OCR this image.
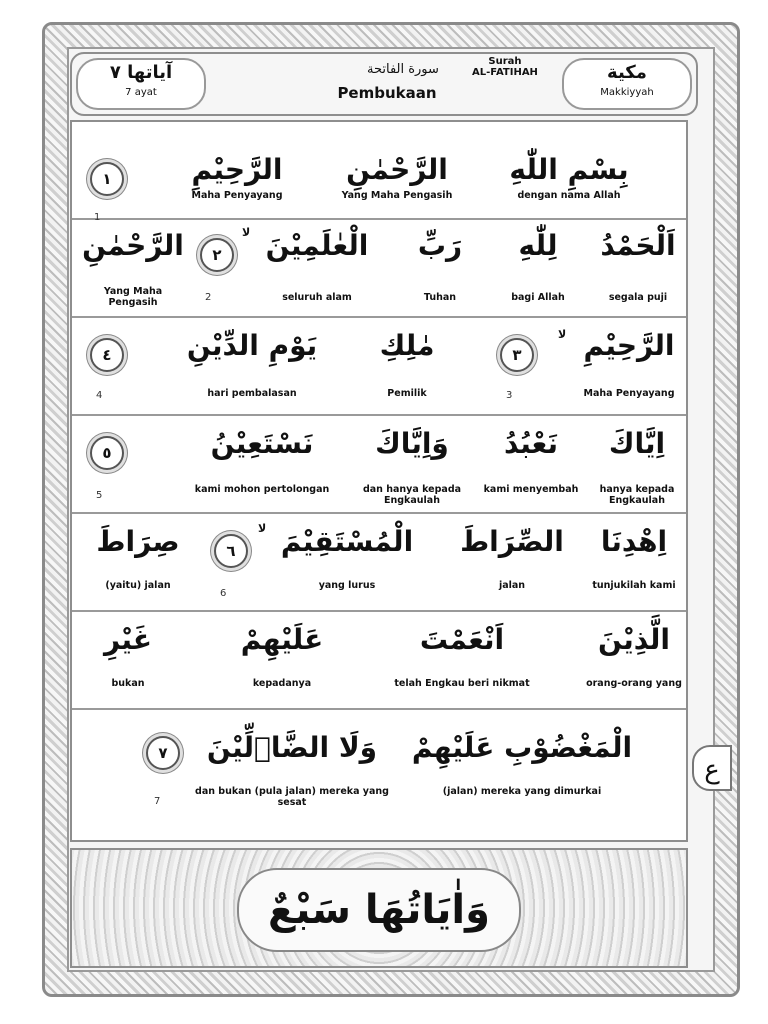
آياتها ٧
7 ayat
سورة الفاتحة
Surah
AL-FATIHAH
Pembukaan
مكية
Makkiyyah
بِسْمِ اللّٰهِ
dengan nama Allah
الرَّحْمٰنِ
Yang Maha Pengasih
الرَّحِيْمِ
Maha Penyayang
١
1
اَلْحَمْدُ
segala puji
لِلّٰهِ
bagi Allah
رَبِّ
Tuhan
الْعٰلَمِيْنَ
seluruh alam
لا
٢
2
الرَّحْمٰنِ
Yang Maha Pengasih
الرَّحِيْمِ
Maha Penyayang
لا
٣
3
مٰلِكِ
Pemilik
يَوْمِ الدِّيْنِ
hari pembalasan
٤
4
اِيَّاكَ
hanya kepada Engkaulah
نَعْبُدُ
kami menyembah
وَاِيَّاكَ
dan hanya kepada Engkaulah
نَسْتَعِيْنُ
kami mohon pertolongan
٥
5
اِهْدِنَا
tunjukilah kami
الصِّرَاطَ
jalan
الْمُسْتَقِيْمَ
yang lurus
لا
٦
6
صِرَاطَ
(yaitu) jalan
الَّذِيْنَ
orang-orang yang
اَنْعَمْتَ
telah Engkau beri nikmat
عَلَيْهِمْ
kepadanya
غَيْرِ
bukan
الْمَغْضُوْبِ عَلَيْهِمْ
(jalan) mereka yang dimurkai
وَلَا الضَّاۤلِّيْنَ
dan bukan (pula jalan) mereka yang sesat
٧
7
ع
وَاٰيَاتُهَا سَبْعٌ
